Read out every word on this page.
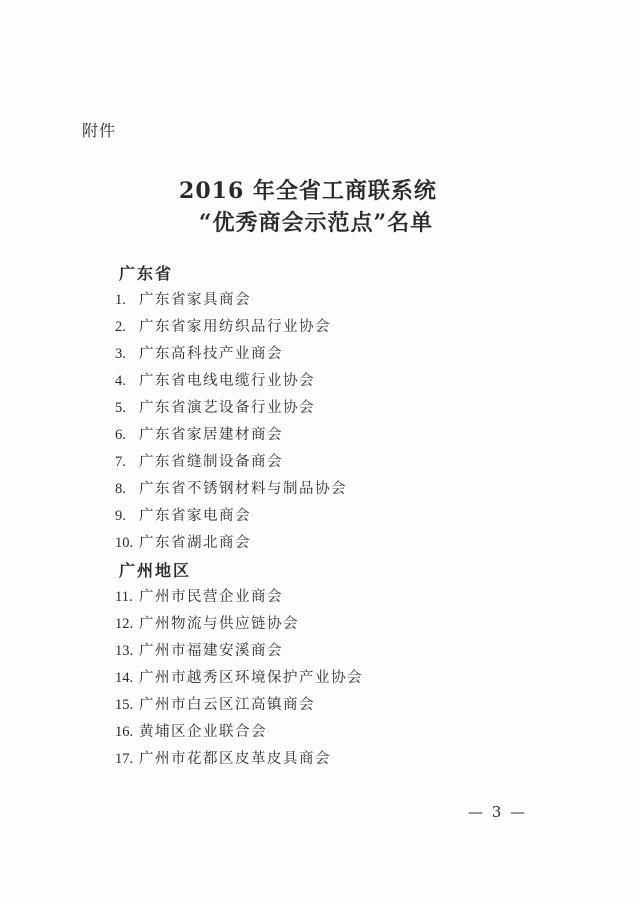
附件
2016 年全省工商联系统
“优秀商会示范点”名单
广东省
1. 广东省家具商会
2. 广东省家用纺织品行业协会
3. 广东高科技产业商会
4. 广东省电线电缆行业协会
5. 广东省演艺设备行业协会
6. 广东省家居建材商会
7. 广东省缝制设备商会
8. 广东省不锈钢材料与制品协会
9. 广东省家电商会
10. 广东省湖北商会
广州地区
11. 广州市民营企业商会
12. 广州物流与供应链协会
13. 广州市福建安溪商会
14. 广州市越秀区环境保护产业协会
15. 广州市白云区江高镇商会
16. 黄埔区企业联合会
17. 广州市花都区皮革皮具商会
— 3 —
